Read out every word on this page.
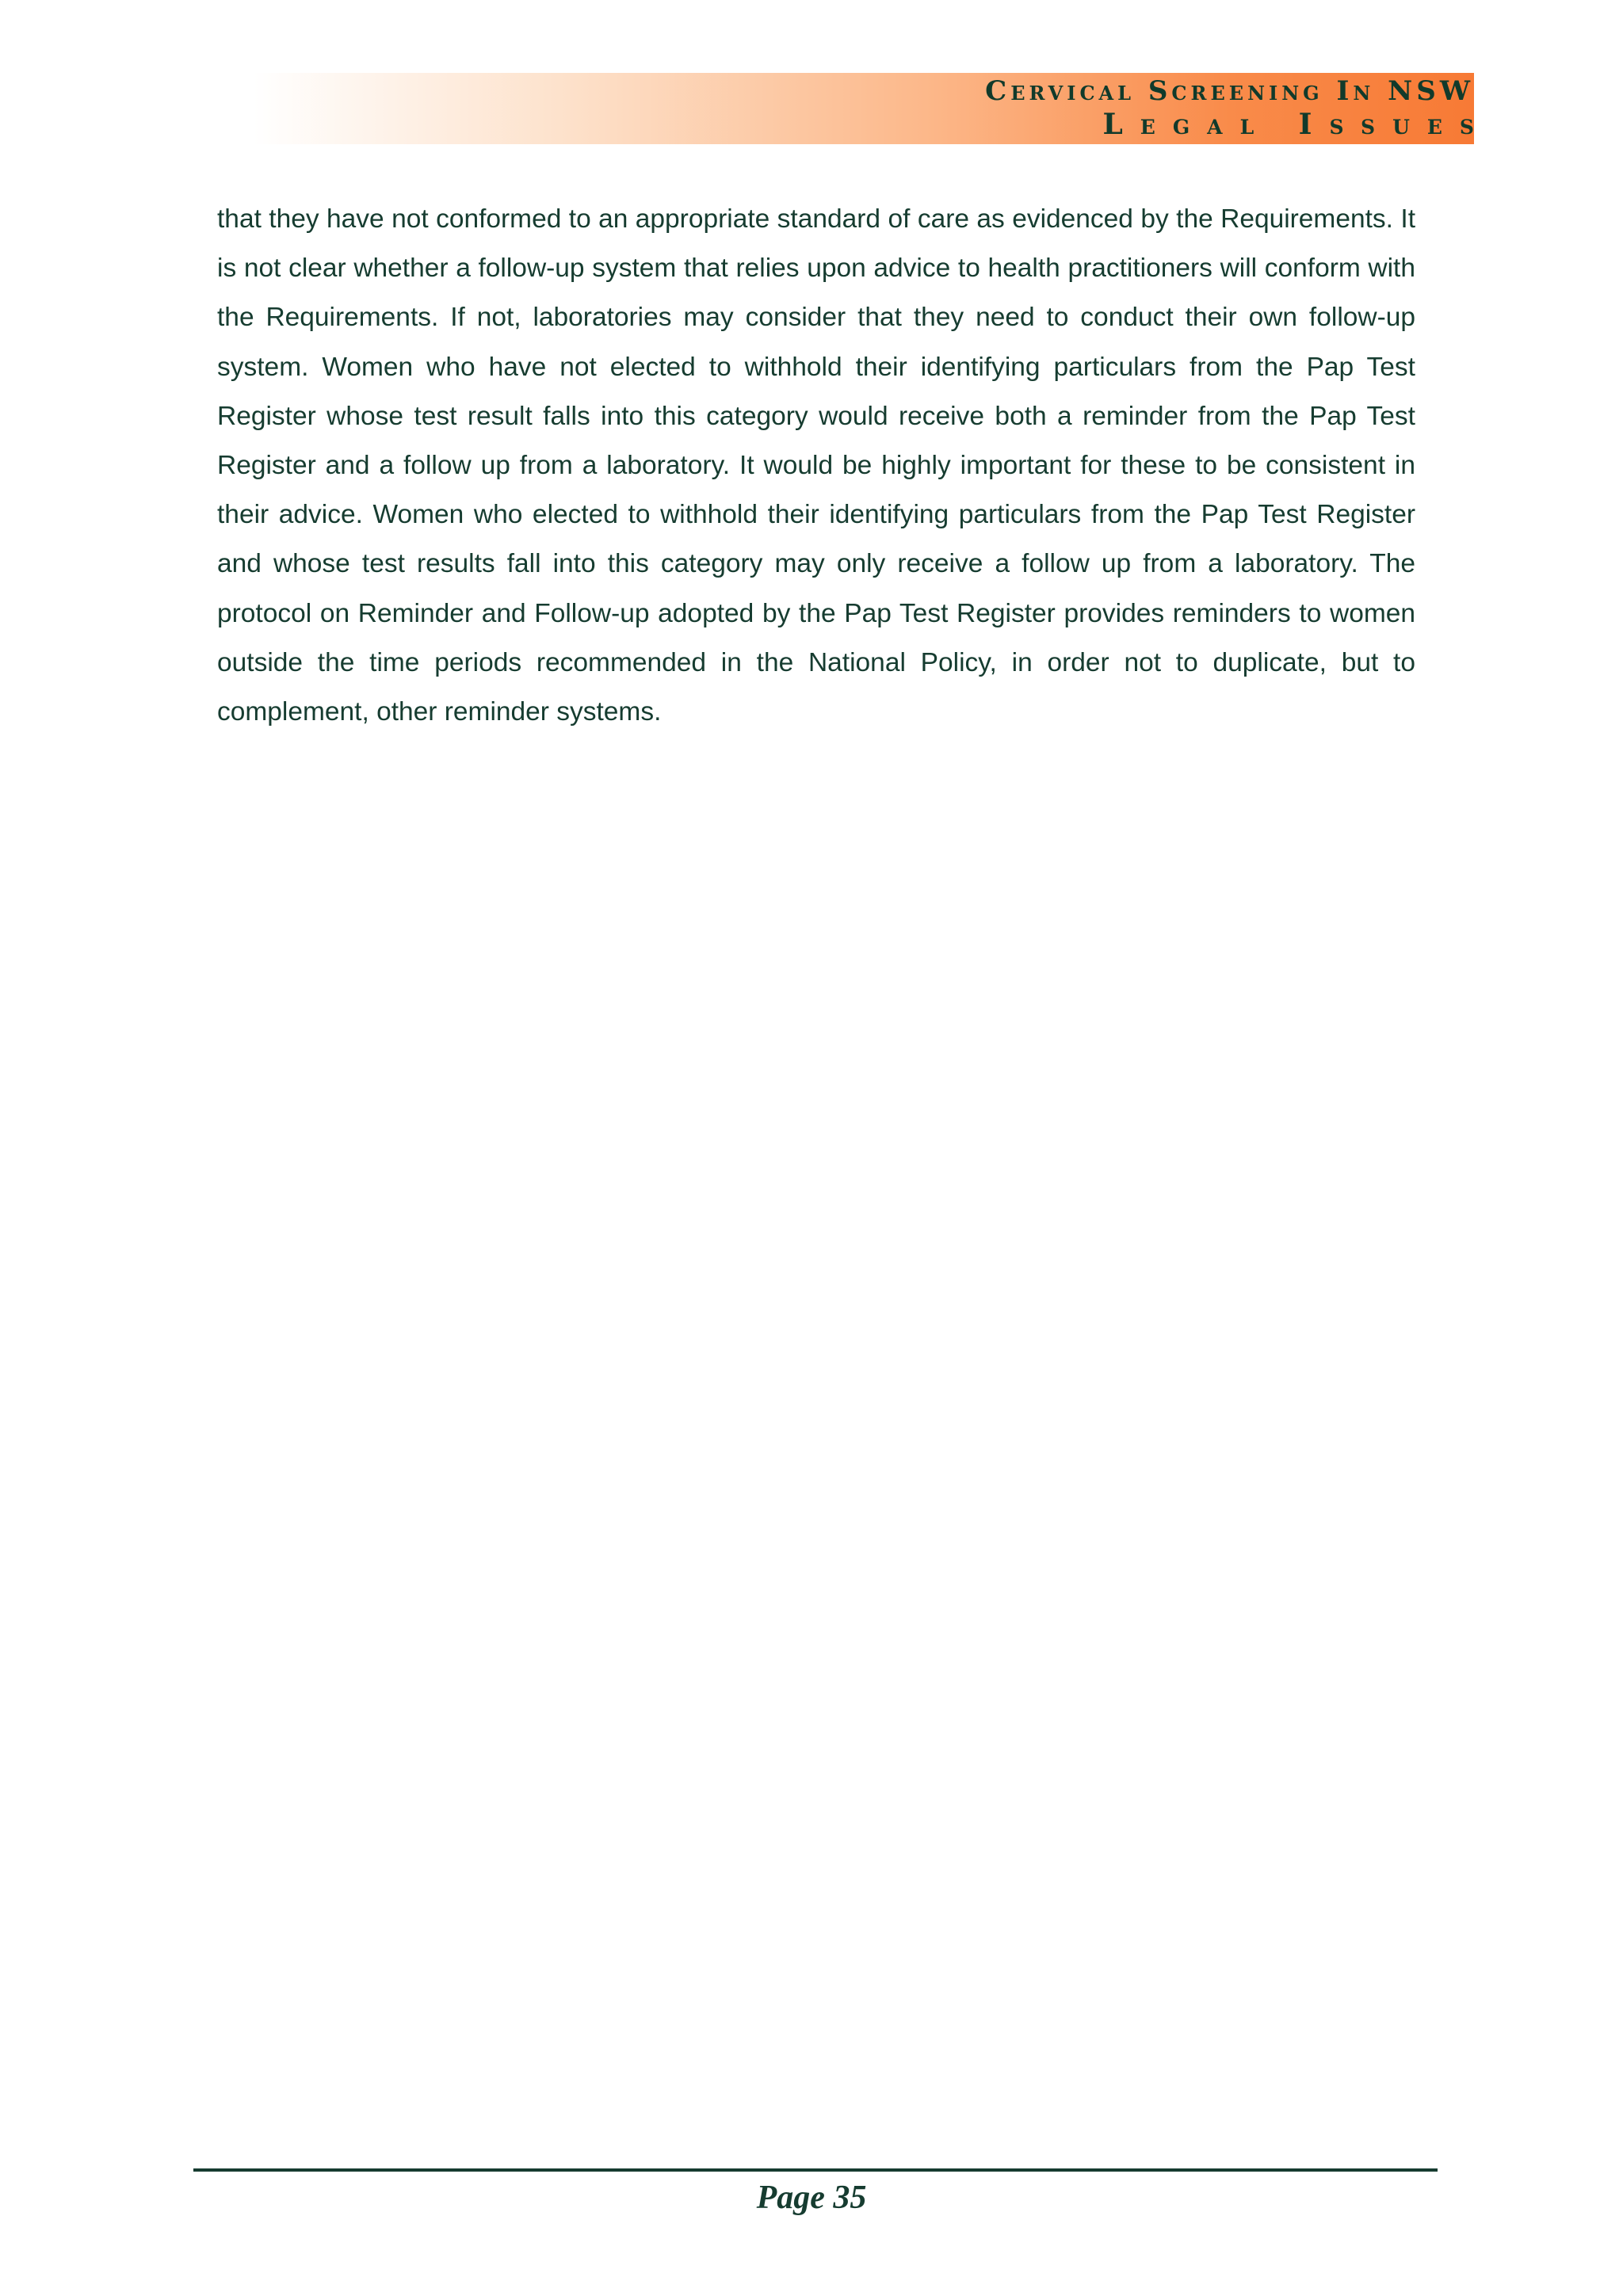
Cervical Screening In NSW
Legal Issues

that they have not conformed to an appropriate standard of care as evidenced by the Requirements. It is not clear whether a follow-up system that relies upon advice to health practitioners will conform with the Requirements. If not, laboratories may consider that they need to conduct their own follow-up system. Women who have not elected to withhold their identifying particulars from the Pap Test Register whose test result falls into this category would receive both a reminder from the Pap Test Register and a follow up from a laboratory. It would be highly important for these to be consistent in their advice. Women who elected to withhold their identifying particulars from the Pap Test Register and whose test results fall into this category may only receive a follow up from a laboratory. The protocol on Reminder and Follow-up adopted by the Pap Test Register provides reminders to women outside the time periods recommended in the National Policy, in order not to duplicate, but to complement, other reminder systems.

Page 35
